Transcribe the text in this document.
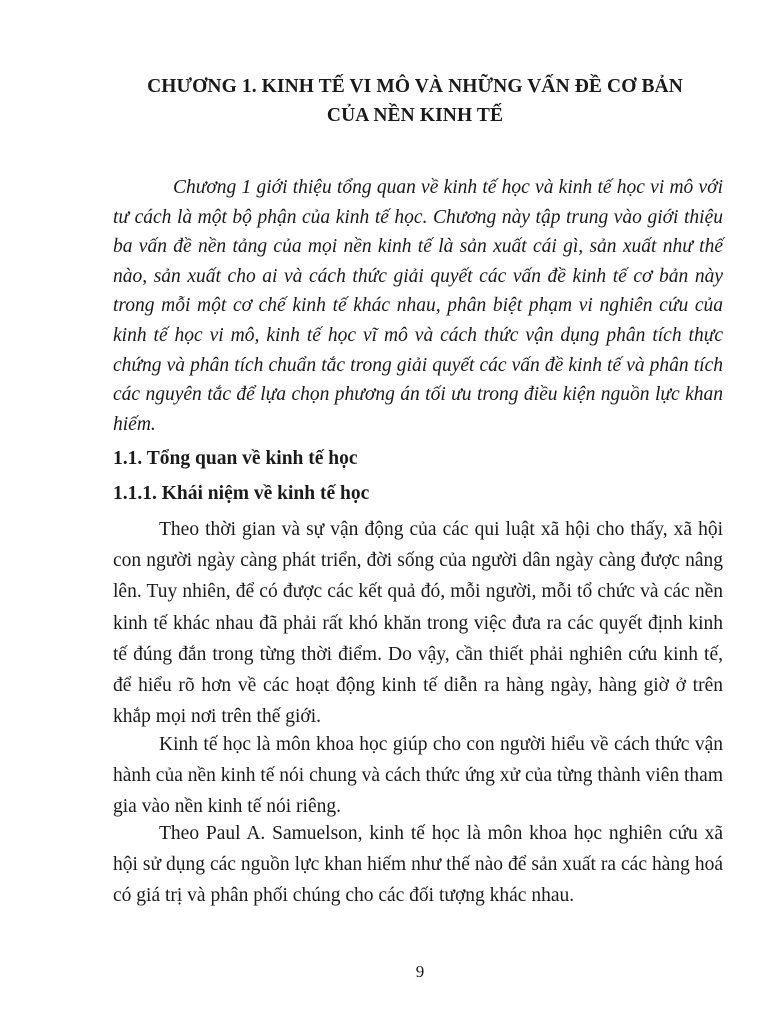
CHƯƠNG 1. KINH TẾ VI MÔ VÀ NHỮNG VẤN ĐỀ CƠ BẢN
CỦA NỀN KINH TẾ

Chương 1 giới thiệu tổng quan về kinh tế học và kinh tế học vi mô với tư cách là một bộ phận của kinh tế học. Chương này tập trung vào giới thiệu ba vấn đề nền tảng của mọi nền kinh tế là sản xuất cái gì, sản xuất như thế nào, sản xuất cho ai và cách thức giải quyết các vấn đề kinh tế cơ bản này trong mỗi một cơ chế kinh tế khác nhau, phân biệt phạm vi nghiên cứu của kinh tế học vi mô, kinh tế học vĩ mô và cách thức vận dụng phân tích thực chứng và phân tích chuẩn tắc trong giải quyết các vấn đề kinh tế và phân tích các nguyên tắc để lựa chọn phương án tối ưu trong điều kiện nguồn lực khan hiếm.

1.1. Tổng quan về kinh tế học
1.1.1. Khái niệm về kinh tế học

Theo thời gian và sự vận động của các qui luật xã hội cho thấy, xã hội con người ngày càng phát triển, đời sống của người dân ngày càng được nâng lên. Tuy nhiên, để có được các kết quả đó, mỗi người, mỗi tổ chức và các nền kinh tế khác nhau đã phải rất khó khăn trong việc đưa ra các quyết định kinh tế đúng đắn trong từng thời điểm. Do vậy, cần thiết phải nghiên cứu kinh tế, để hiểu rõ hơn về các hoạt động kinh tế diễn ra hàng ngày, hàng giờ ở trên khắp mọi nơi trên thế giới.

Kinh tế học là môn khoa học giúp cho con người hiểu về cách thức vận hành của nền kinh tế nói chung và cách thức ứng xử của từng thành viên tham gia vào nền kinh tế nói riêng.

Theo Paul A. Samuelson, kinh tế học là môn khoa học nghiên cứu xã hội sử dụng các nguồn lực khan hiếm như thế nào để sản xuất ra các hàng hoá có giá trị và phân phối chúng cho các đối tượng khác nhau.

9
